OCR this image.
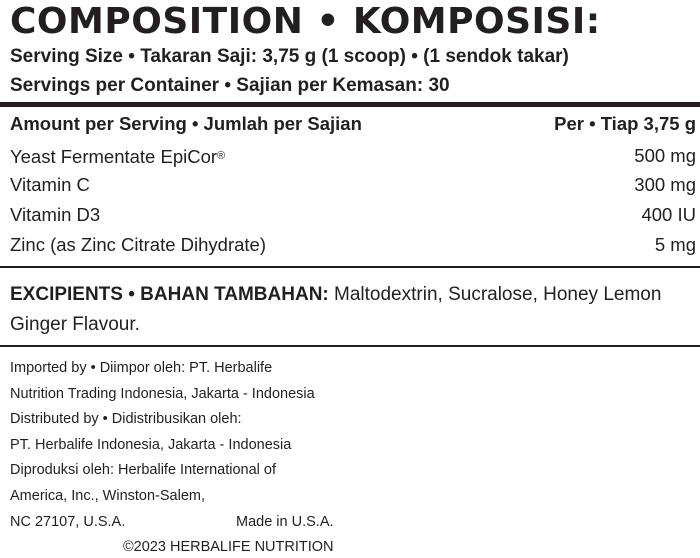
COMPOSITION • KOMPOSISI:
Serving Size • Takaran Saji: 3,75 g (1 scoop) • (1 sendok takar)
Servings per Container • Sajian per Kemasan: 30
Amount per Serving • Jumlah per Sajian	Per • Tiap 3,75 g
Yeast Fermentate EpiCor®	500 mg
Vitamin C	300 mg
Vitamin D3	400 IU
Zinc (as Zinc Citrate Dihydrate)	5 mg
EXCIPIENTS • BAHAN TAMBAHAN: Maltodextrin, Sucralose, Honey Lemon Ginger Flavour.
Imported by • Diimpor oleh: PT. Herbalife
Nutrition Trading Indonesia, Jakarta - Indonesia
Distributed by • Didistribusikan oleh:
PT. Herbalife Indonesia, Jakarta - Indonesia
Diproduksi oleh: Herbalife International of
America, Inc., Winston-Salem,
NC 27107, U.S.A.	Made in U.S.A.
©2023 HERBALIFE NUTRITION
